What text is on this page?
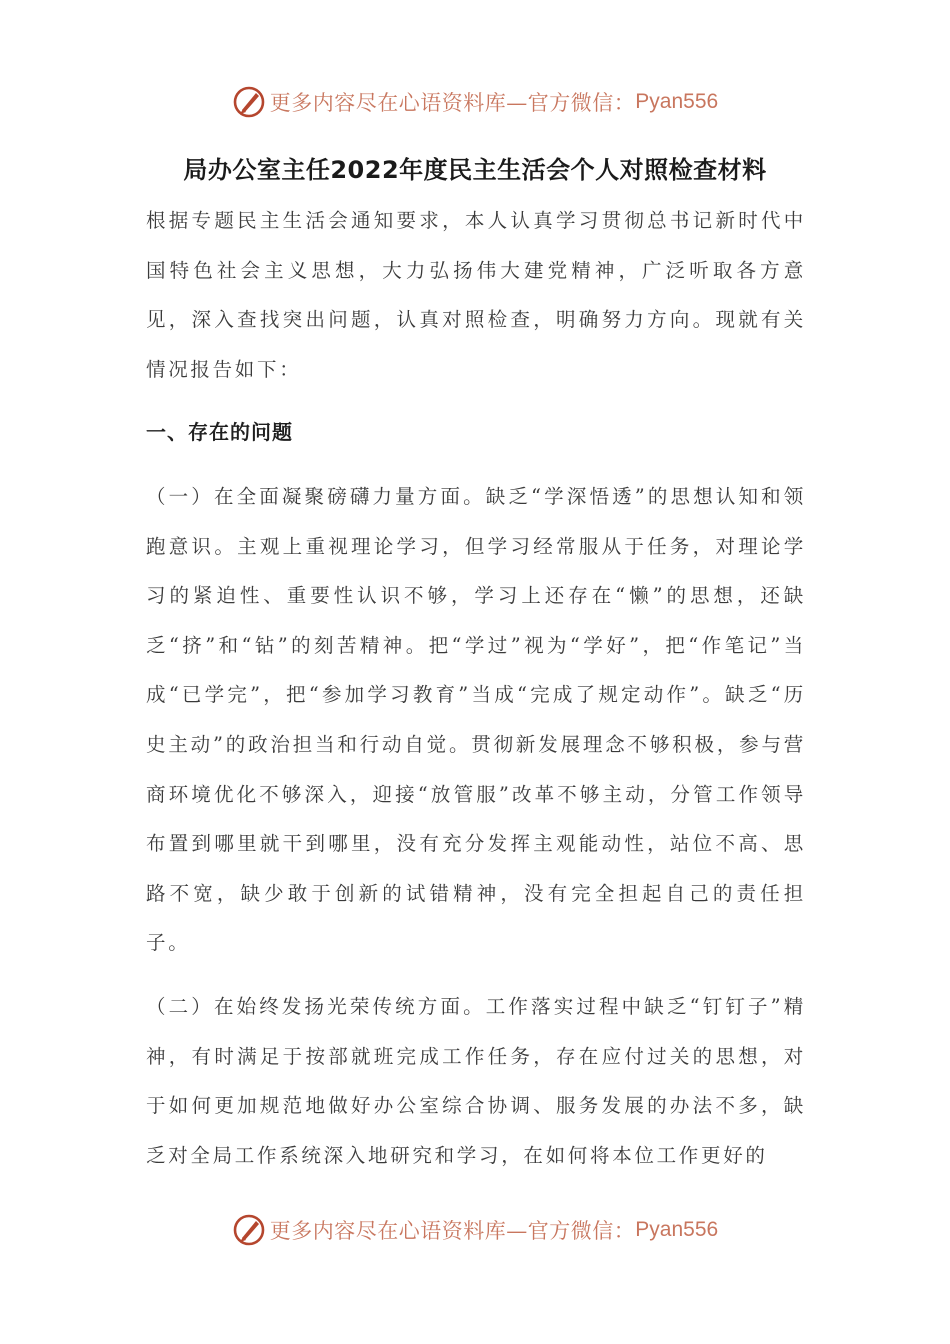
更多内容尽在心语资料库—官方微信： Pyan556
局办公室主任2022年度民主生活会个人对照检查材料

根据专题民主生活会通知要求，本人认真学习贯彻总书记新时代中国特色社会主义思想，大力弘扬伟大建党精神，广泛听取各方意见，深入查找突出问题，认真对照检查，明确努力方向。现就有关情况报告如下：

一、存在的问题

（一）在全面凝聚磅礴力量方面。缺乏“学深悟透”的思想认知和领跑意识。主观上重视理论学习，但学习经常服从于任务，对理论学习的紧迫性、重要性认识不够，学习上还存在“懒”的思想，还缺乏“挤”和“钻”的刻苦精神。把“学过”视为“学好”，把“作笔记”当成“已学完”，把“参加学习教育”当成“完成了规定动作”。缺乏“历史主动”的政治担当和行动自觉。贯彻新发展理念不够积极，参与营商环境优化不够深入，迎接“放管服”改革不够主动，分管工作领导布置到哪里就干到哪里，没有充分发挥主观能动性，站位不高、思路不宽，缺少敢于创新的试错精神，没有完全担起自己的责任担子。

（二）在始终发扬光荣传统方面。工作落实过程中缺乏“钉钉子”精神，有时满足于按部就班完成工作任务，存在应付过关的思想，对于如何更加规范地做好办公室综合协调、服务发展的办法不多，缺乏对全局工作系统深入地研究和学习，在如何将本位工作更好的

更多内容尽在心语资料库—官方微信： Pyan556
